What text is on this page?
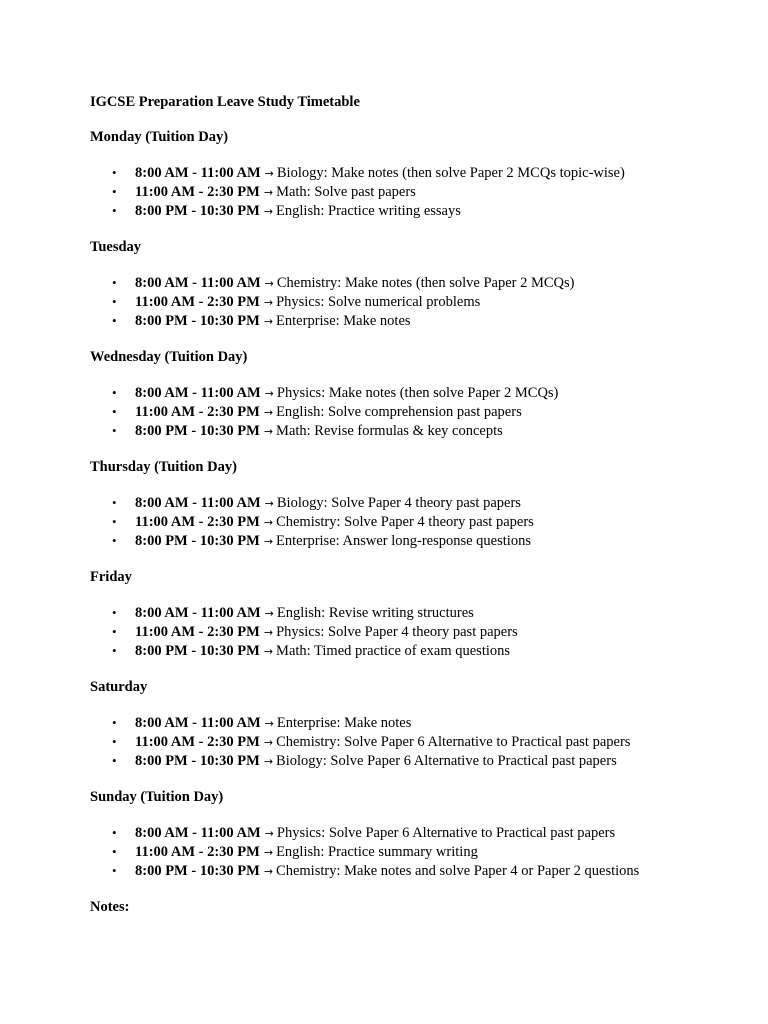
IGCSE Preparation Leave Study Timetable

Monday (Tuition Day)

• 8:00 AM - 11:00 AM → Biology: Make notes (then solve Paper 2 MCQs topic-wise)
• 11:00 AM - 2:30 PM → Math: Solve past papers
• 8:00 PM - 10:30 PM → English: Practice writing essays

Tuesday

• 8:00 AM - 11:00 AM → Chemistry: Make notes (then solve Paper 2 MCQs)
• 11:00 AM - 2:30 PM → Physics: Solve numerical problems
• 8:00 PM - 10:30 PM → Enterprise: Make notes

Wednesday (Tuition Day)

• 8:00 AM - 11:00 AM → Physics: Make notes (then solve Paper 2 MCQs)
• 11:00 AM - 2:30 PM → English: Solve comprehension past papers
• 8:00 PM - 10:30 PM → Math: Revise formulas & key concepts

Thursday (Tuition Day)

• 8:00 AM - 11:00 AM → Biology: Solve Paper 4 theory past papers
• 11:00 AM - 2:30 PM → Chemistry: Solve Paper 4 theory past papers
• 8:00 PM - 10:30 PM → Enterprise: Answer long-response questions

Friday

• 8:00 AM - 11:00 AM → English: Revise writing structures
• 11:00 AM - 2:30 PM → Physics: Solve Paper 4 theory past papers
• 8:00 PM - 10:30 PM → Math: Timed practice of exam questions

Saturday

• 8:00 AM - 11:00 AM → Enterprise: Make notes
• 11:00 AM - 2:30 PM → Chemistry: Solve Paper 6 Alternative to Practical past papers
• 8:00 PM - 10:30 PM → Biology: Solve Paper 6 Alternative to Practical past papers

Sunday (Tuition Day)

• 8:00 AM - 11:00 AM → Physics: Solve Paper 6 Alternative to Practical past papers
• 11:00 AM - 2:30 PM → English: Practice summary writing
• 8:00 PM - 10:30 PM → Chemistry: Make notes and solve Paper 4 or Paper 2 questions
Notes:
